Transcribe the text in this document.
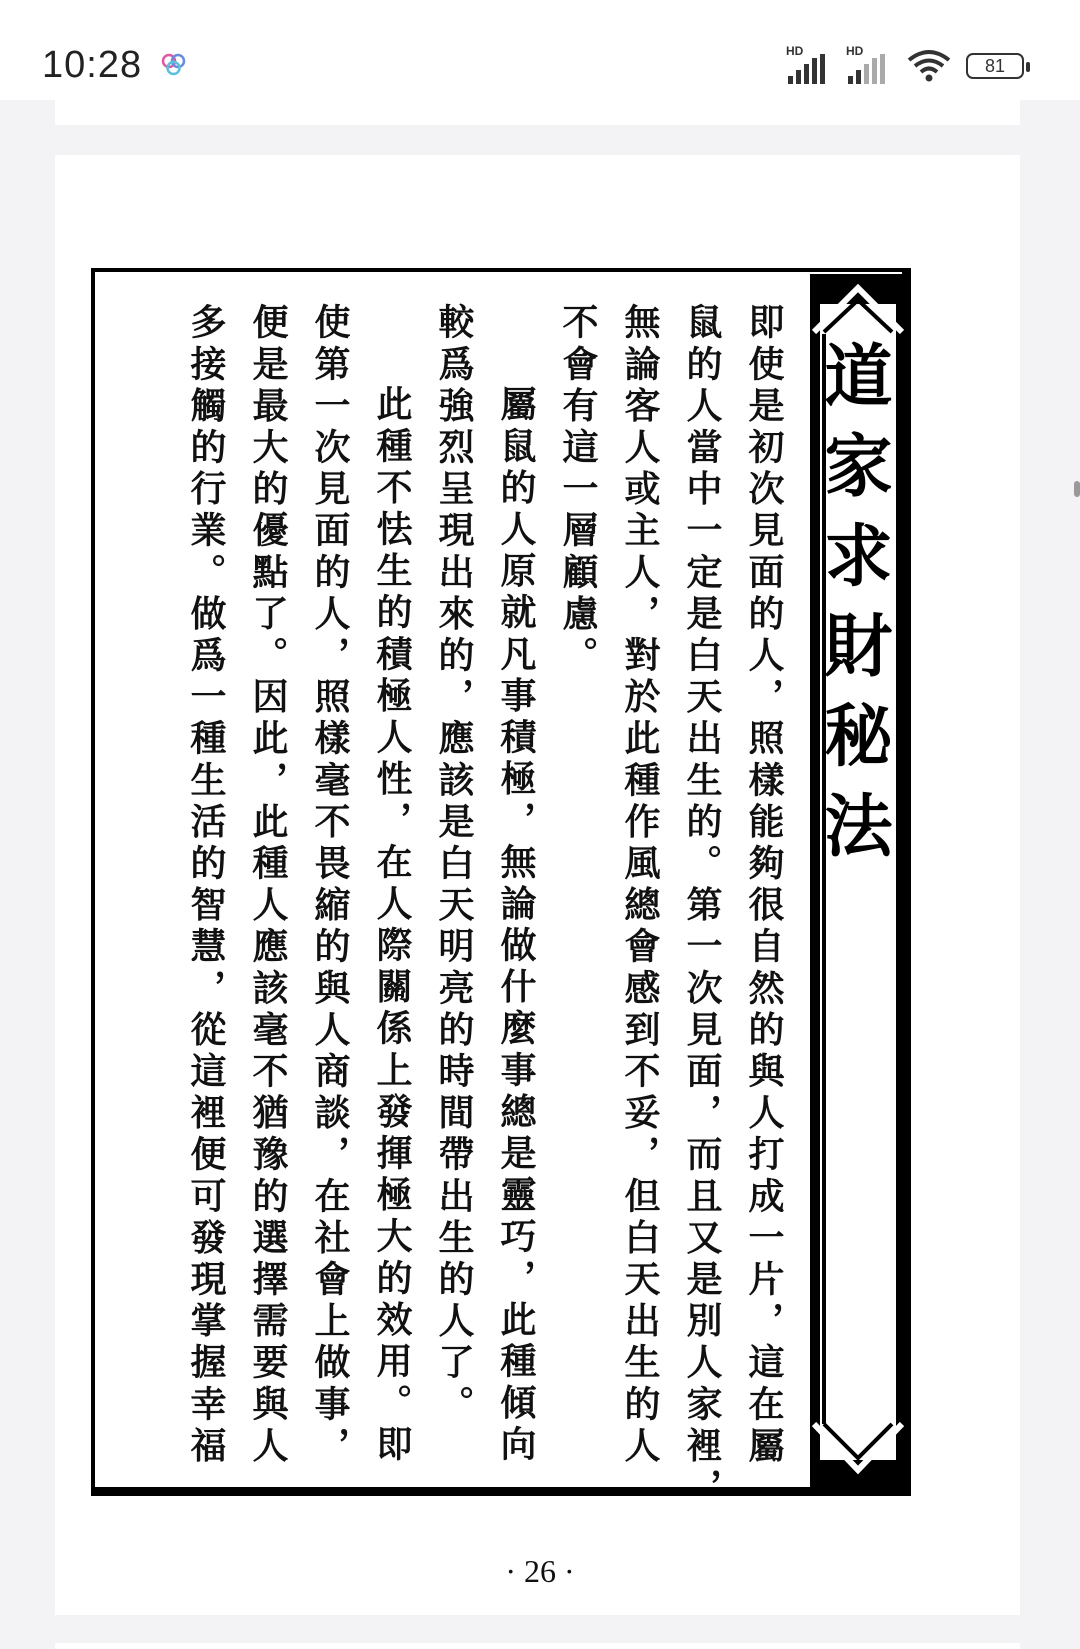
10:28	HD	HD
81
道家求財秘法
即使是初次見面的人，照樣能夠很自然的與人打成一片，這在屬
鼠的人當中一定是白天出生的。第一次見面，而且又是別人家裡，
無論客人或主人，對於此種作風總會感到不妥，但白天出生的人
不會有這一層顧慮。
屬鼠的人原就凡事積極，無論做什麼事總是靈巧，此種傾向
較爲強烈呈現出來的，應該是白天明亮的時間帶出生的人了。
此種不怯生的積極人性，在人際關係上發揮極大的效用。即
使第一次見面的人，照樣毫不畏縮的與人商談，在社會上做事，
便是最大的優點了。因此，此種人應該毫不猶豫的選擇需要與人
多接觸的行業。做爲一種生活的智慧，從這裡便可發現掌握幸福
· 26 ·
